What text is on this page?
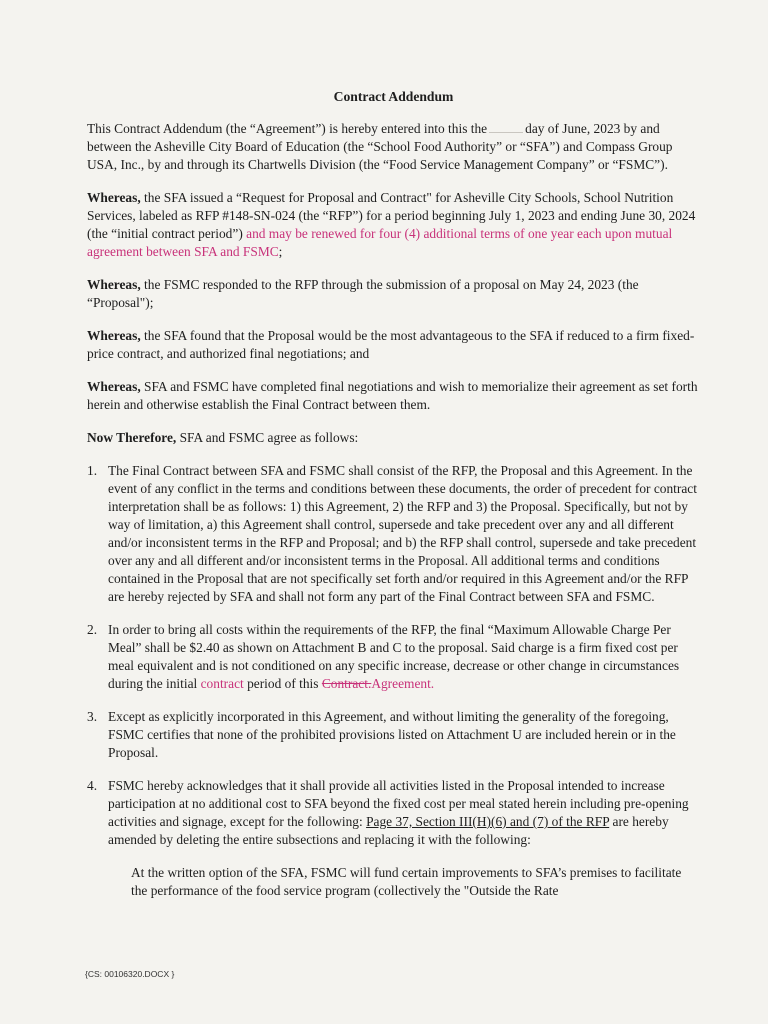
Contract Addendum

This Contract Addendum (the “Agreement”) is hereby entered into this the	day of June, 2023 by and between the Asheville City Board of Education (the “School Food Authority” or “SFA”) and Compass Group USA, Inc., by and through its Chartwells Division (the “Food Service Management Company” or “FSMC”).

Whereas, the SFA issued a “Request for Proposal and Contract" for Asheville City Schools, School Nutrition Services, labeled as RFP #148-SN-024 (the “RFP”) for a period beginning July 1, 2023 and ending June 30, 2024 (the “initial contract period”) and may be renewed for four (4) additional terms of one year each upon mutual agreement between SFA and FSMC;

Whereas, the FSMC responded to the RFP through the submission of a proposal on May 24, 2023 (the “Proposal");

Whereas, the SFA found that the Proposal would be the most advantageous to the SFA if reduced to a firm fixed-price contract, and authorized final negotiations; and

Whereas, SFA and FSMC have completed final negotiations and wish to memorialize their agreement as set forth herein and otherwise establish the Final Contract between them.

Now Therefore, SFA and FSMC agree as follows:

1. The Final Contract between SFA and FSMC shall consist of the RFP, the Proposal and this Agreement. In the event of any conflict in the terms and conditions between these documents, the order of precedent for contract interpretation shall be as follows: 1) this Agreement, 2) the RFP and 3) the Proposal. Specifically, but not by way of limitation, a) this Agreement shall control, supersede and take precedent over any and all different and/or inconsistent terms in the RFP and Proposal; and b) the RFP shall control, supersede and take precedent over any and all different and/or inconsistent terms in the Proposal. All additional terms and conditions contained in the Proposal that are not specifically set forth and/or required in this Agreement and/or the RFP are hereby rejected by SFA and shall not form any part of the Final Contract between SFA and FSMC.
2. In order to bring all costs within the requirements of the RFP, the final “Maximum Allowable Charge Per Meal” shall be $2.40 as shown on Attachment B and C to the proposal. Said charge is a firm fixed cost per meal equivalent and is not conditioned on any specific increase, decrease or other change in circumstances during the initial contract period of this Contract.Agreement.
3. Except as explicitly incorporated in this Agreement, and without limiting the generality of the foregoing, FSMC certifies that none of the prohibited provisions listed on Attachment U are included herein or in the Proposal.
4. FSMC hereby acknowledges that it shall provide all activities listed in the Proposal intended to increase participation at no additional cost to SFA beyond the fixed cost per meal stated herein including pre-opening activities and signage, except for the following: Page 37, Section III(H)(6) and (7) of the RFP are hereby amended by deleting the entire subsections and replacing it with the following:

At the written option of the SFA, FSMC will fund certain improvements to SFA’s premises to facilitate the performance of the food service program (collectively the "Outside the Rate

{CS: 00106320.DOCX }
